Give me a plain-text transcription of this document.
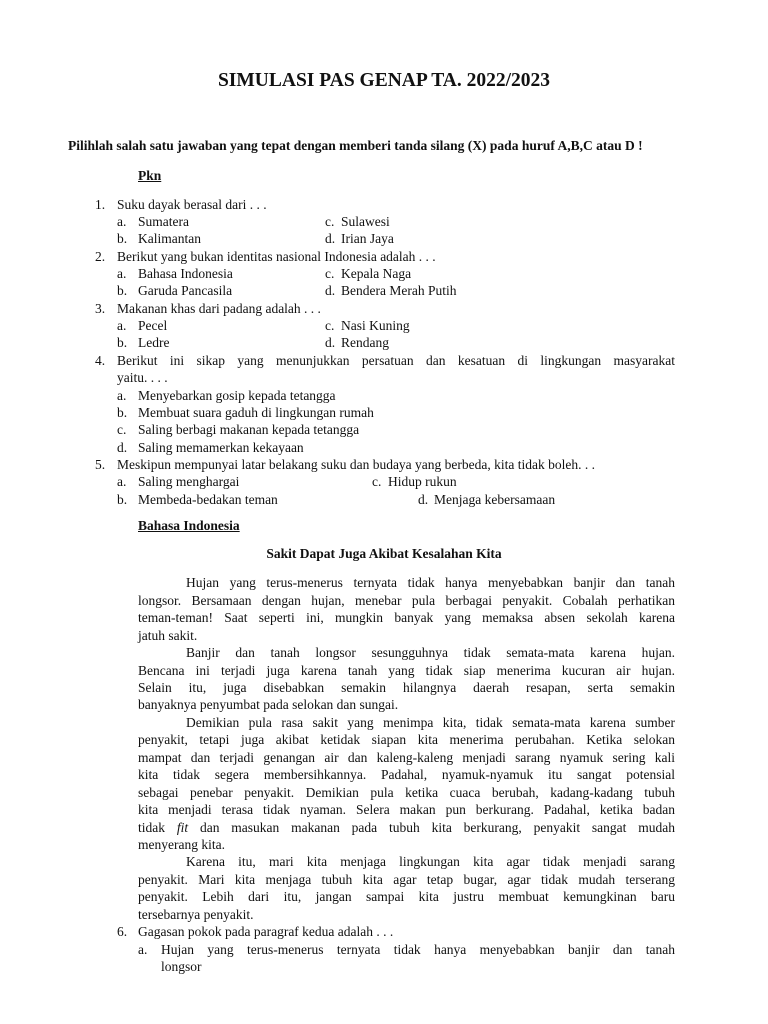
SIMULASI PAS GENAP TA. 2022/2023
Pilihlah salah satu jawaban yang tepat dengan memberi tanda silang (X) pada huruf A,B,C atau D !
Pkn
1. Suku dayak berasal dari . . .
a. Sumatera	c. Sulawesi
b. Kalimantan	d. Irian Jaya
2. Berikut yang bukan identitas nasional Indonesia adalah . . .
a. Bahasa Indonesia	c. Kepala Naga
b. Garuda Pancasila	d. Bendera Merah Putih
3. Makanan khas dari padang adalah . . .
a. Pecel	c. Nasi Kuning
b. Ledre	d. Rendang
4. Berikut ini sikap yang menunjukkan persatuan dan kesatuan di lingkungan masyarakat
yaitu. . . .
a. Menyebarkan gosip kepada tetangga
b. Membuat suara gaduh di lingkungan rumah
c. Saling berbagi makanan kepada tetangga
d. Saling memamerkan kekayaan
5. Meskipun mempunyai latar belakang suku dan budaya yang berbeda, kita tidak boleh. . .
a. Saling menghargai	c. Hidup rukun
b. Membeda-bedakan teman	d. Menjaga kebersamaan
Bahasa Indonesia
Sakit Dapat Juga Akibat Kesalahan Kita
Hujan yang terus-menerus ternyata tidak hanya menyebabkan banjir dan tanah
longsor. Bersamaan dengan hujan, menebar pula berbagai penyakit. Cobalah perhatikan
teman-teman! Saat seperti ini, mungkin banyak yang memaksa absen sekolah karena
jatuh sakit.
Banjir dan tanah longsor sesungguhnya tidak semata-mata karena hujan.
Bencana ini terjadi juga karena tanah yang tidak siap menerima kucuran air hujan.
Selain itu, juga disebabkan semakin hilangnya daerah resapan, serta semakin
banyaknya penyumbat pada selokan dan sungai.
Demikian pula rasa sakit yang menimpa kita, tidak semata-mata karena sumber
penyakit, tetapi juga akibat ketidak siapan kita menerima perubahan. Ketika selokan
mampat dan terjadi genangan air dan kaleng-kaleng menjadi sarang nyamuk sering kali
kita tidak segera membersihkannya. Padahal, nyamuk-nyamuk itu sangat potensial
sebagai penebar penyakit. Demikian pula ketika cuaca berubah, kadang-kadang tubuh
kita menjadi terasa tidak nyaman. Selera makan pun berkurang. Padahal, ketika badan
tidak fit dan masukan makanan pada tubuh kita berkurang, penyakit sangat mudah
menyerang kita.
Karena itu, mari kita menjaga lingkungan kita agar tidak menjadi sarang
penyakit. Mari kita menjaga tubuh kita agar tetap bugar, agar tidak mudah terserang
penyakit. Lebih dari itu, jangan sampai kita justru membuat kemungkinan baru
tersebarnya penyakit.
6. Gagasan pokok pada paragraf kedua adalah . . .
a. Hujan yang terus-menerus ternyata tidak hanya menyebabkan banjir dan tanah
longsor
